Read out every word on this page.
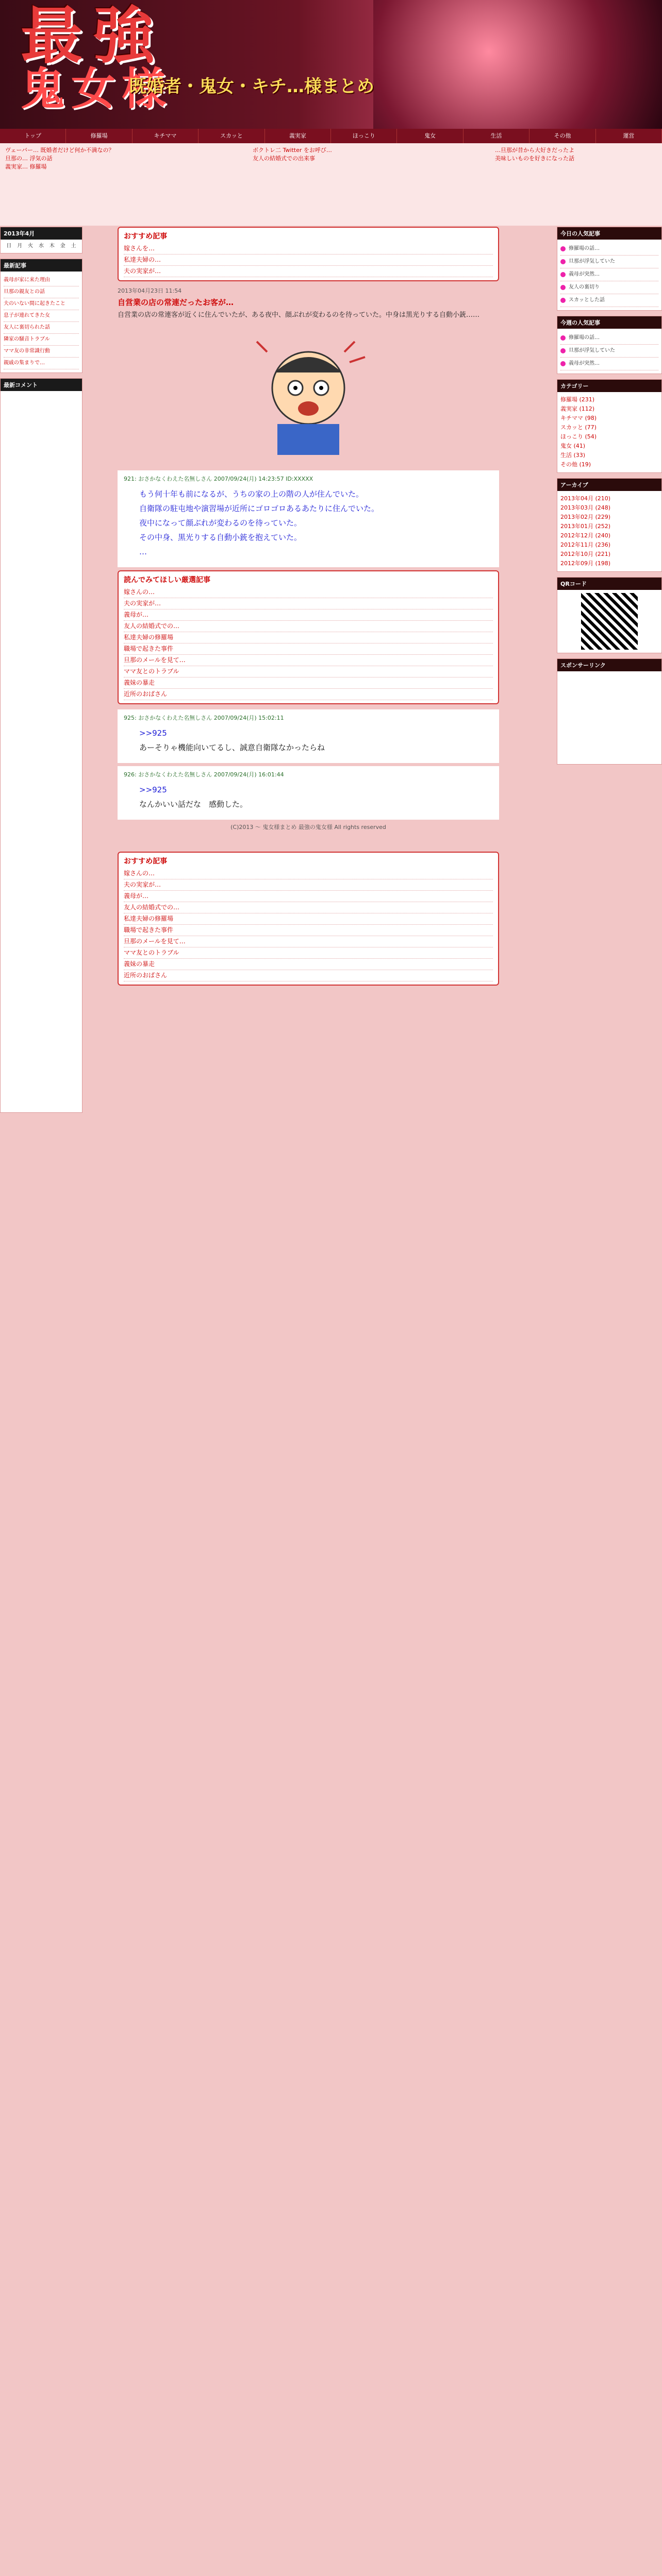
最強
鬼女様
既婚者・鬼女・キチ…様まとめ
トップ	修羅場	キチママ	スカッと	義実家	ほっこり	鬼女	生活	その他	運営
ヴェーバー… 既婚者だけど何か不満なの？
旦那の… 浮気の話
義実家… 修羅場
ボクトレ二 Twitter をお呼び…
友人の結婚式での出来事
…旦那が昔から大好きだったよ
美味しいものを好きになった話
2013年4月
日	月	火	水	木	金	土
最新記事
義母が家に来た理由
旦那の親友との話
夫のいない間に起きたこと
息子が連れてきた女
友人に裏切られた話
隣家の騒音トラブル
ママ友の非常識行動
親戚の集まりで…
最新コメント
おすすめ記事
嫁さんを…
私達夫婦の…
夫の実家が…
2013年04月23日 11:54
自営業の店の常連だったお客が…
自営業の店の常連客が近くに住んでいたが、ある夜中、顔ぶれが変わるのを待っていた。中身は黒光りする自動小銃……
921: おさかなくわえた名無しさん 2007/09/24(月) 14:23:57 ID:XXXXX
もう何十年も前になるが、うちの家の上の階の人が住んでいた。
自衛隊の駐屯地や演習場が近所にゴロゴロあるあたりに住んでいた。
夜中になって顔ぶれが変わるのを待っていた。
その中身、黒光りする自動小銃を抱えていた。
…
読んでみてほしい厳選記事
嫁さんの…
夫の実家が…
義母が…
友人の結婚式での…
私達夫婦の修羅場
職場で起きた事件
旦那のメールを見て…
ママ友とのトラブル
義妹の暴走
近所のおばさん
925: おさかなくわえた名無しさん 2007/09/24(月) 15:02:11
>>925
あーそりゃ機能向いてるし、誠意自衛隊なかったらね
926: おさかなくわえた名無しさん 2007/09/24(月) 16:01:44
>>925
なんかいい話だな　感動した。
(C)2013 〜 鬼女様まとめ 最強の鬼女様 All rights reserved
おすすめ記事
嫁さんの…
夫の実家が…
義母が…
友人の結婚式での…
私達夫婦の修羅場
職場で起きた事件
旦那のメールを見て…
ママ友とのトラブル
義妹の暴走
近所のおばさん
今日の人気記事
修羅場の話…
旦那が浮気していた
義母が突然…
友人の裏切り
スカッとした話
今週の人気記事
修羅場の話…
旦那が浮気していた
義母が突然…
カテゴリー
修羅場 (231)
義実家 (112)
キチママ (98)
スカッと (77)
ほっこり (54)
鬼女 (41)
生活 (33)
その他 (19)
アーカイブ
2013年04月 (210)
2013年03月 (248)
2013年02月 (229)
2013年01月 (252)
2012年12月 (240)
2012年11月 (236)
2012年10月 (221)
2012年09月 (198)
QRコード
スポンサーリンク
